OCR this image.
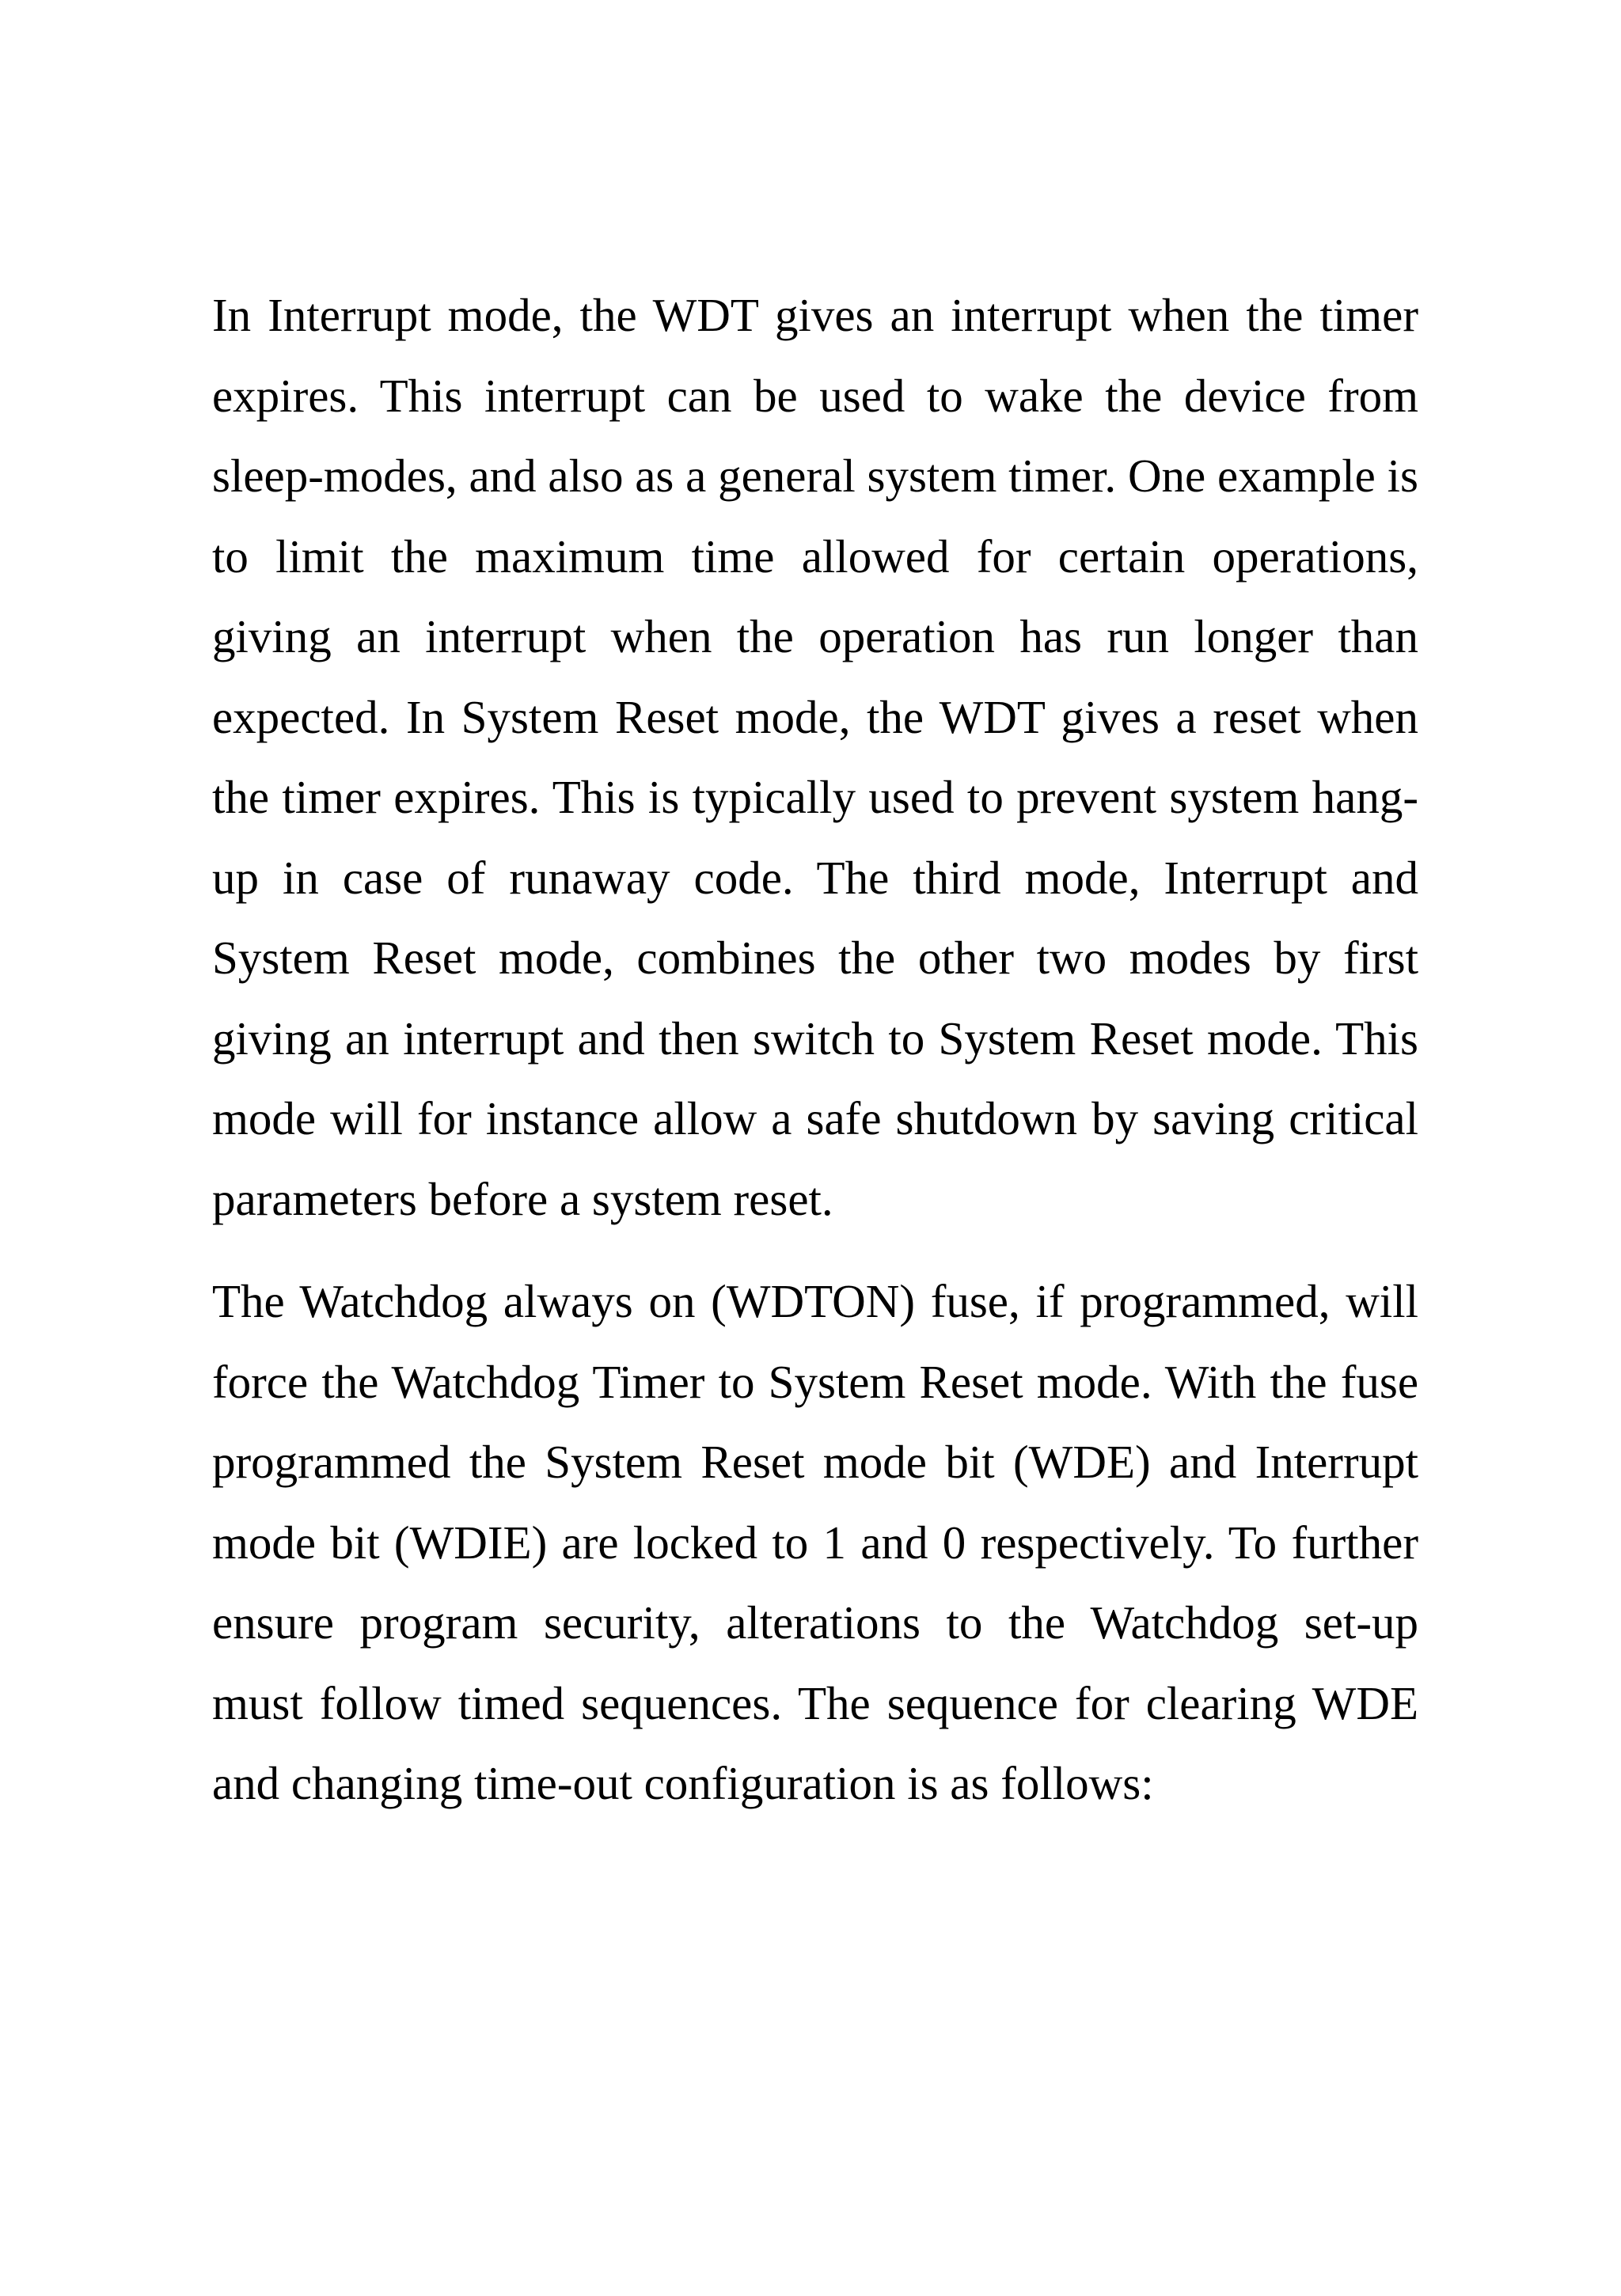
In Interrupt mode, the WDT gives an interrupt when the timer expires. This interrupt can be used to wake the device from sleep-modes, and also as a general system timer. One example is to limit the maximum time allowed for certain operations, giving an interrupt when the operation has run longer than expected. In System Reset mode, the WDT gives a reset when the timer expires. This is typically used to prevent system hang-up in case of runaway code. The third mode, Interrupt and System Reset mode, combines the other two modes by first giving an interrupt and then switch to System Reset mode. This mode will for instance allow a safe shutdown by saving critical parameters before a system reset.

The Watchdog always on (WDTON) fuse, if programmed, will force the Watchdog Timer to System Reset mode. With the fuse programmed the System Reset mode bit (WDE) and Interrupt mode bit (WDIE) are locked to 1 and 0 respectively. To further ensure program security, alterations to the Watchdog set-up must follow timed sequences. The sequence for clearing WDE and changing time-out configuration is as follows:
